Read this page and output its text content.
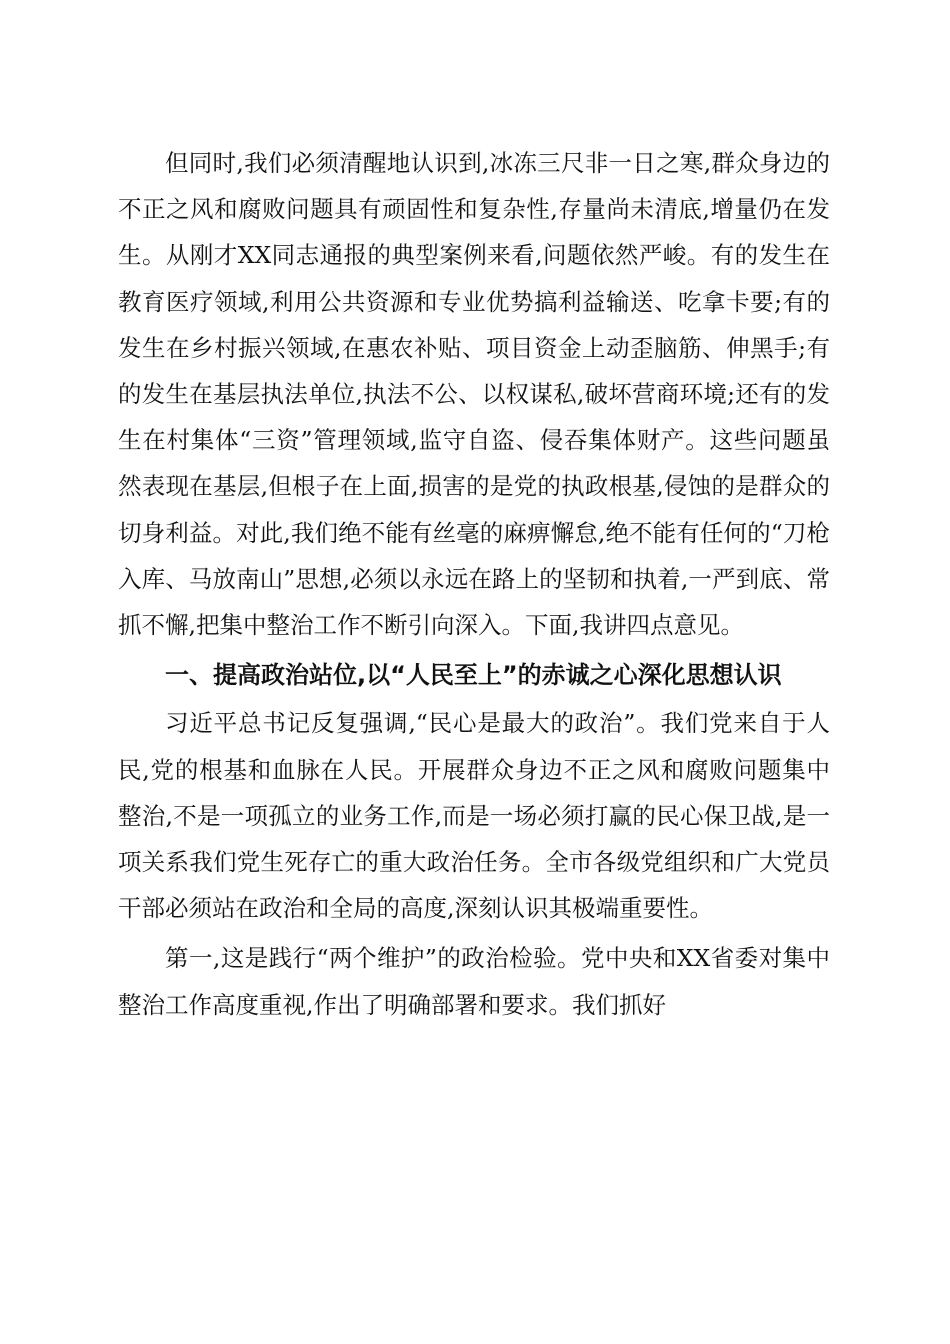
但同时,我们必须清醒地认识到,冰冻三尺非一日之寒,群众身边的不正之风和腐败问题具有顽固性和复杂性,存量尚未清底,增量仍在发生。从刚才XX同志通报的典型案例来看,问题依然严峻。有的发生在教育医疗领域,利用公共资源和专业优势搞利益输送、吃拿卡要;有的发生在乡村振兴领域,在惠农补贴、项目资金上动歪脑筋、伸黑手;有的发生在基层执法单位,执法不公、以权谋私,破坏营商环境;还有的发生在村集体“三资”管理领域,监守自盗、侵吞集体财产。这些问题虽然表现在基层,但根子在上面,损害的是党的执政根基,侵蚀的是群众的切身利益。对此,我们绝不能有丝毫的麻痹懈怠,绝不能有任何的“刀枪入库、马放南山”思想,必须以永远在路上的坚韧和执着,一严到底、常抓不懈,把集中整治工作不断引向深入。下面,我讲四点意见。

一、提高政治站位,以“人民至上”的赤诚之心深化思想认识

习近平总书记反复强调,“民心是最大的政治”。我们党来自于人民,党的根基和血脉在人民。开展群众身边不正之风和腐败问题集中整治,不是一项孤立的业务工作,而是一场必须打赢的民心保卫战,是一项关系我们党生死存亡的重大政治任务。全市各级党组织和广大党员干部必须站在政治和全局的高度,深刻认识其极端重要性。

第一,这是践行“两个维护”的政治检验。党中央和XX省委对集中整治工作高度重视,作出了明确部署和要求。我们抓好
